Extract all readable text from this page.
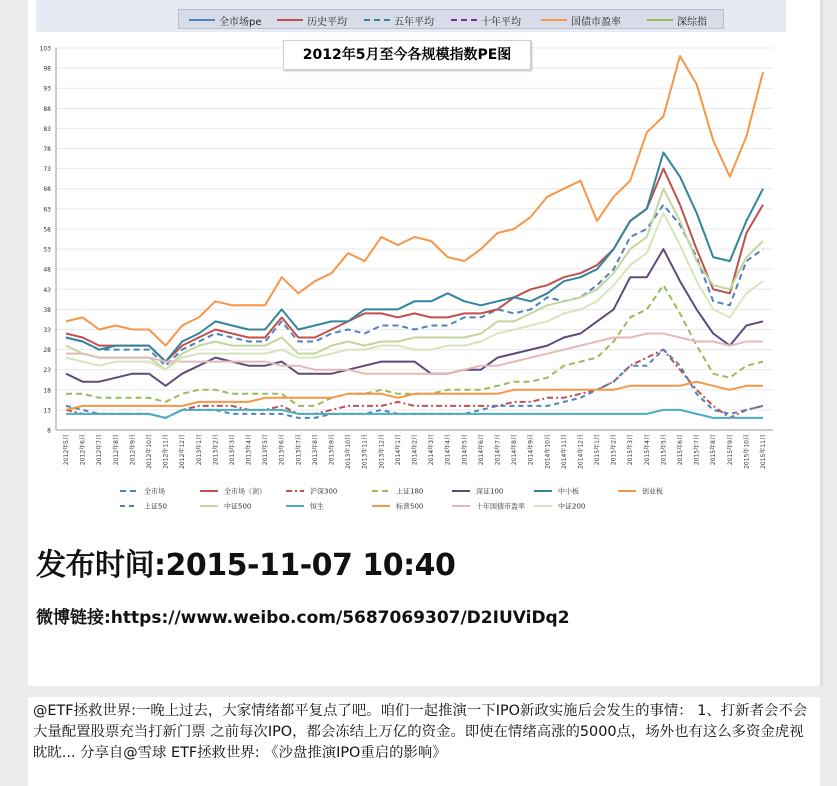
全市场pe	历史平均	五年平均	十年平均	国债市盈率	深综指
8
13
18
23
28
33
38
43
48
53
58
63
68
73
78
83
88
93
98
103
2012年5月 2012年6月 2012年7月 2012年8月 2012年9月 2012年10月 2012年11月 2012年12月 2013年1月 2013年2月 2013年3月 2013年4月 2013年5月 2013年6月 2013年7月 2013年8月 2013年9月 2013年10月 2013年11月 2013年12月 2014年1月 2014年2月 2014年3月 2014年4月 2014年5月 2014年6月 2014年7月 2014年8月 2014年9月 2014年10月 2014年11月 2014年12月 2015年1月 2015年2月 2015年3月 2015年4月 2015年5月 2015年6月 2015年7月 2015年8月 2015年9月 2015年10月 2015年11月
全市场	全市场（剑）	沪深300	上证180	深证100	中小板	创业板
上证50	中证500	恒生	标普500	十年国债市盈率	中证200
2012年5月至今各规模指数PE图
发布时间:2015-11-07 10:40
微博链接:https://www.weibo.com/5687069307/D2IUViDq2
@ETF拯救世界:一晚上过去，大家情绪都平复点了吧。咱们一起推演一下IPO新政实施后会发生的事情： 1、打新者会不会大量配置股票充当打新门票 之前每次IPO，都会冻结上万亿的资金。即使在情绪高涨的5000点，场外也有这么多资金虎视眈眈... 分享自@雪球 ETF拯救世界: 《沙盘推演IPO重启的影响》
